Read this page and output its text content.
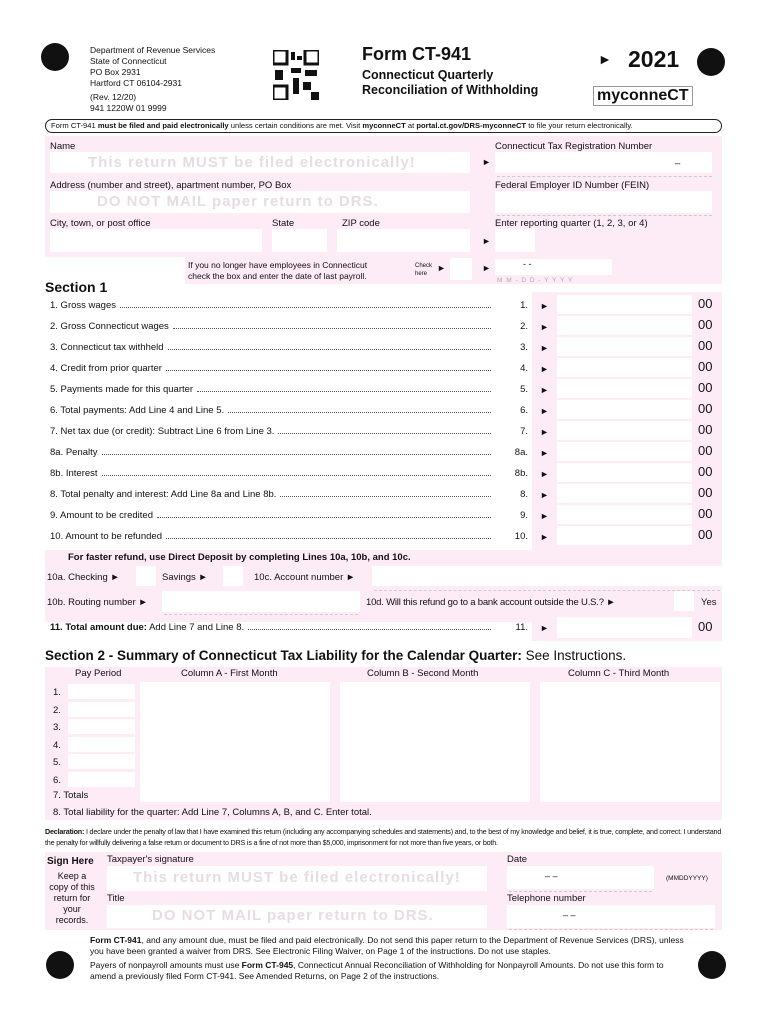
Department of Revenue Services
State of Connecticut
PO Box 2931
Hartford CT 06104-2931
(Rev. 12/20)
941 1220W 01 9999
Form CT-941
Connecticut Quarterly
Reconciliation of Withholding
► 2021
myconneCT
Form CT-941 must be filed and paid electronically unless certain conditions are met. Visit myconneCT at portal.ct.gov/DRS-myconneCT to file your return electronically.
Name
This return MUST be filed electronically!	►
Connecticut Tax Registration Number
–
Address (number and street), apartment number, PO Box
DO NOT MAIL paper return to DRS.
Federal Employer ID Number (FEIN)
City, town, or post office	State	ZIP code	Enter reporting quarter (1, 2, 3, or 4)
►
If you no longer have employees in Connecticut
check the box and enter the date of last payroll.
Check
here
►	►	- -
M M - D D - Y Y Y Y
Section 1
1. Gross wages	1. ►	00
2. Gross Connecticut wages	2. ►	00
3. Connecticut tax withheld	3. ►	00
4. Credit from prior quarter	4. ►	00
5. Payments made for this quarter	5. ►	00
6. Total payments: Add Line 4 and Line 5.	6. ►	00
7. Net tax due (or credit): Subtract Line 6 from Line 3.	7. ►	00
8a. Penalty	8a. ►	00
8b. Interest	8b. ►	00
8. Total penalty and interest: Add Line 8a and Line 8b.	8. ►	00
9. Amount to be credited	9. ►	00
10. Amount to be refunded	10. ►	00
For faster refund, use Direct Deposit by completing Lines 10a, 10b, and 10c.
10a. Checking ►	Savings ►	10c. Account number ►
10b. Routing number ►	10d. Will this refund go to a bank account outside the U.S.? ►	Yes
11. Total amount due: Add Line 7 and Line 8.	11. ►	00
Section 2 - Summary of Connecticut Tax Liability for the Calendar Quarter: See Instructions.
Pay Period	Column A - First Month	Column B - Second Month	Column C - Third Month
1.
2.
3.
4.
5.
6.
7. Totals
8. Total liability for the quarter: Add Line 7, Columns A, B, and C. Enter total.
Declaration: I declare under the penalty of law that I have examined this return (including any accompanying schedules and statements) and, to the best of my knowledge and belief, it is true, complete, and correct. I understand the penalty for willfully delivering a false return or document to DRS is a fine of not more than $5,000, imprisonment for not more than five years, or both.
Sign Here
Keep a copy of this return for your records.
Taxpayer's signature
This return MUST be filed electronically!
Date
– –	(MMDDYYYY)
Title
DO NOT MAIL paper return to DRS.
Telephone number
– –

Form CT-941, and any amount due, must be filed and paid electronically. Do not send this paper return to the Department of Revenue Services (DRS), unless you have been granted a waiver from DRS. See Electronic Filing Waiver, on Page 1 of the instructions. Do not use staples.

Payers of nonpayroll amounts must use Form CT-945, Connecticut Annual Reconciliation of Withholding for Nonpayroll Amounts. Do not use this form to amend a previously filed Form CT-941. See Amended Returns, on Page 2 of the instructions.
